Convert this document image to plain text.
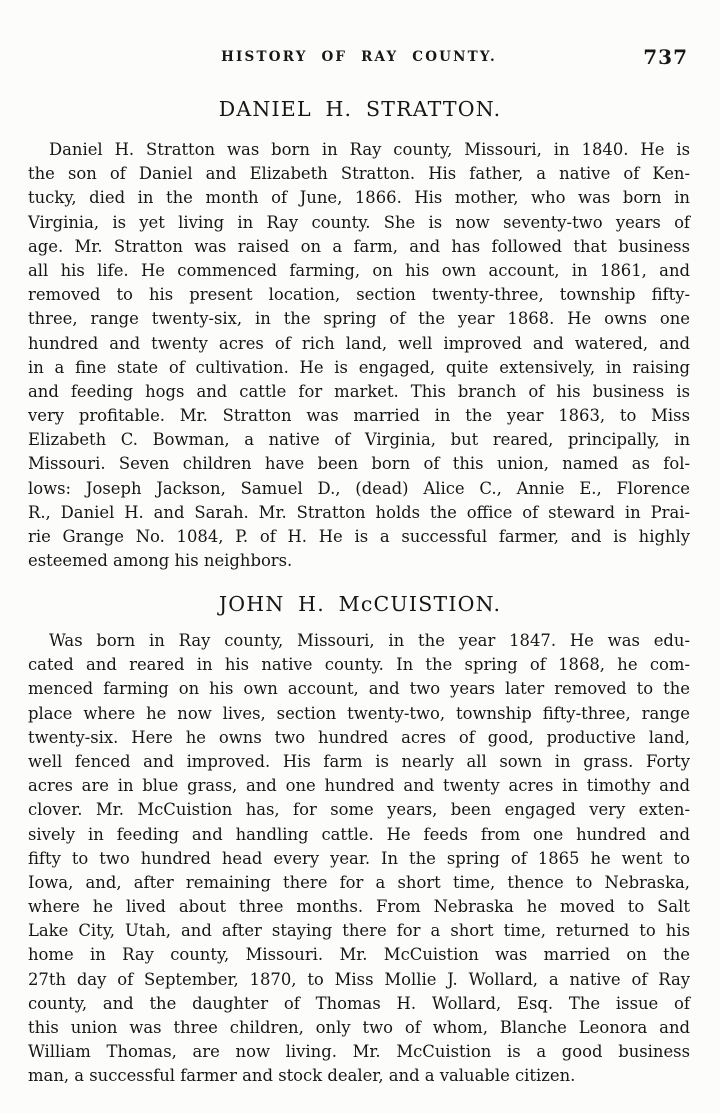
HISTORY OF RAY COUNTY.	737
DANIEL H. STRATTON.
Daniel H. Stratton was born in Ray county, Missouri, in 1840. He is
the son of Daniel and Elizabeth Stratton. His father, a native of Ken-
tucky, died in the month of June, 1866. His mother, who was born in
Virginia, is yet living in Ray county. She is now seventy-two years of
age. Mr. Stratton was raised on a farm, and has followed that business
all his life. He commenced farming, on his own account, in 1861, and
removed to his present location, section twenty-three, township fifty-
three, range twenty-six, in the spring of the year 1868. He owns one
hundred and twenty acres of rich land, well improved and watered, and
in a fine state of cultivation. He is engaged, quite extensively, in raising
and feeding hogs and cattle for market. This branch of his business is
very profitable. Mr. Stratton was married in the year 1863, to Miss
Elizabeth C. Bowman, a native of Virginia, but reared, principally, in
Missouri. Seven children have been born of this union, named as fol-
lows: Joseph Jackson, Samuel D., (dead) Alice C., Annie E., Florence
R., Daniel H. and Sarah. Mr. Stratton holds the office of steward in Prai-
rie Grange No. 1084, P. of H. He is a successful farmer, and is highly
esteemed among his neighbors.
JOHN H. McCUISTION.
Was born in Ray county, Missouri, in the year 1847. He was edu-
cated and reared in his native county. In the spring of 1868, he com-
menced farming on his own account, and two years later removed to the
place where he now lives, section twenty-two, township fifty-three, range
twenty-six. Here he owns two hundred acres of good, productive land,
well fenced and improved. His farm is nearly all sown in grass. Forty
acres are in blue grass, and one hundred and twenty acres in timothy and
clover. Mr. McCuistion has, for some years, been engaged very exten-
sively in feeding and handling cattle. He feeds from one hundred and
fifty to two hundred head every year. In the spring of 1865 he went to
Iowa, and, after remaining there for a short time, thence to Nebraska,
where he lived about three months. From Nebraska he moved to Salt
Lake City, Utah, and after staying there for a short time, returned to his
home in Ray county, Missouri. Mr. McCuistion was married on the
27th day of September, 1870, to Miss Mollie J. Wollard, a native of Ray
county, and the daughter of Thomas H. Wollard, Esq. The issue of
this union was three children, only two of whom, Blanche Leonora and
William Thomas, are now living. Mr. McCuistion is a good business
man, a successful farmer and stock dealer, and a valuable citizen.
